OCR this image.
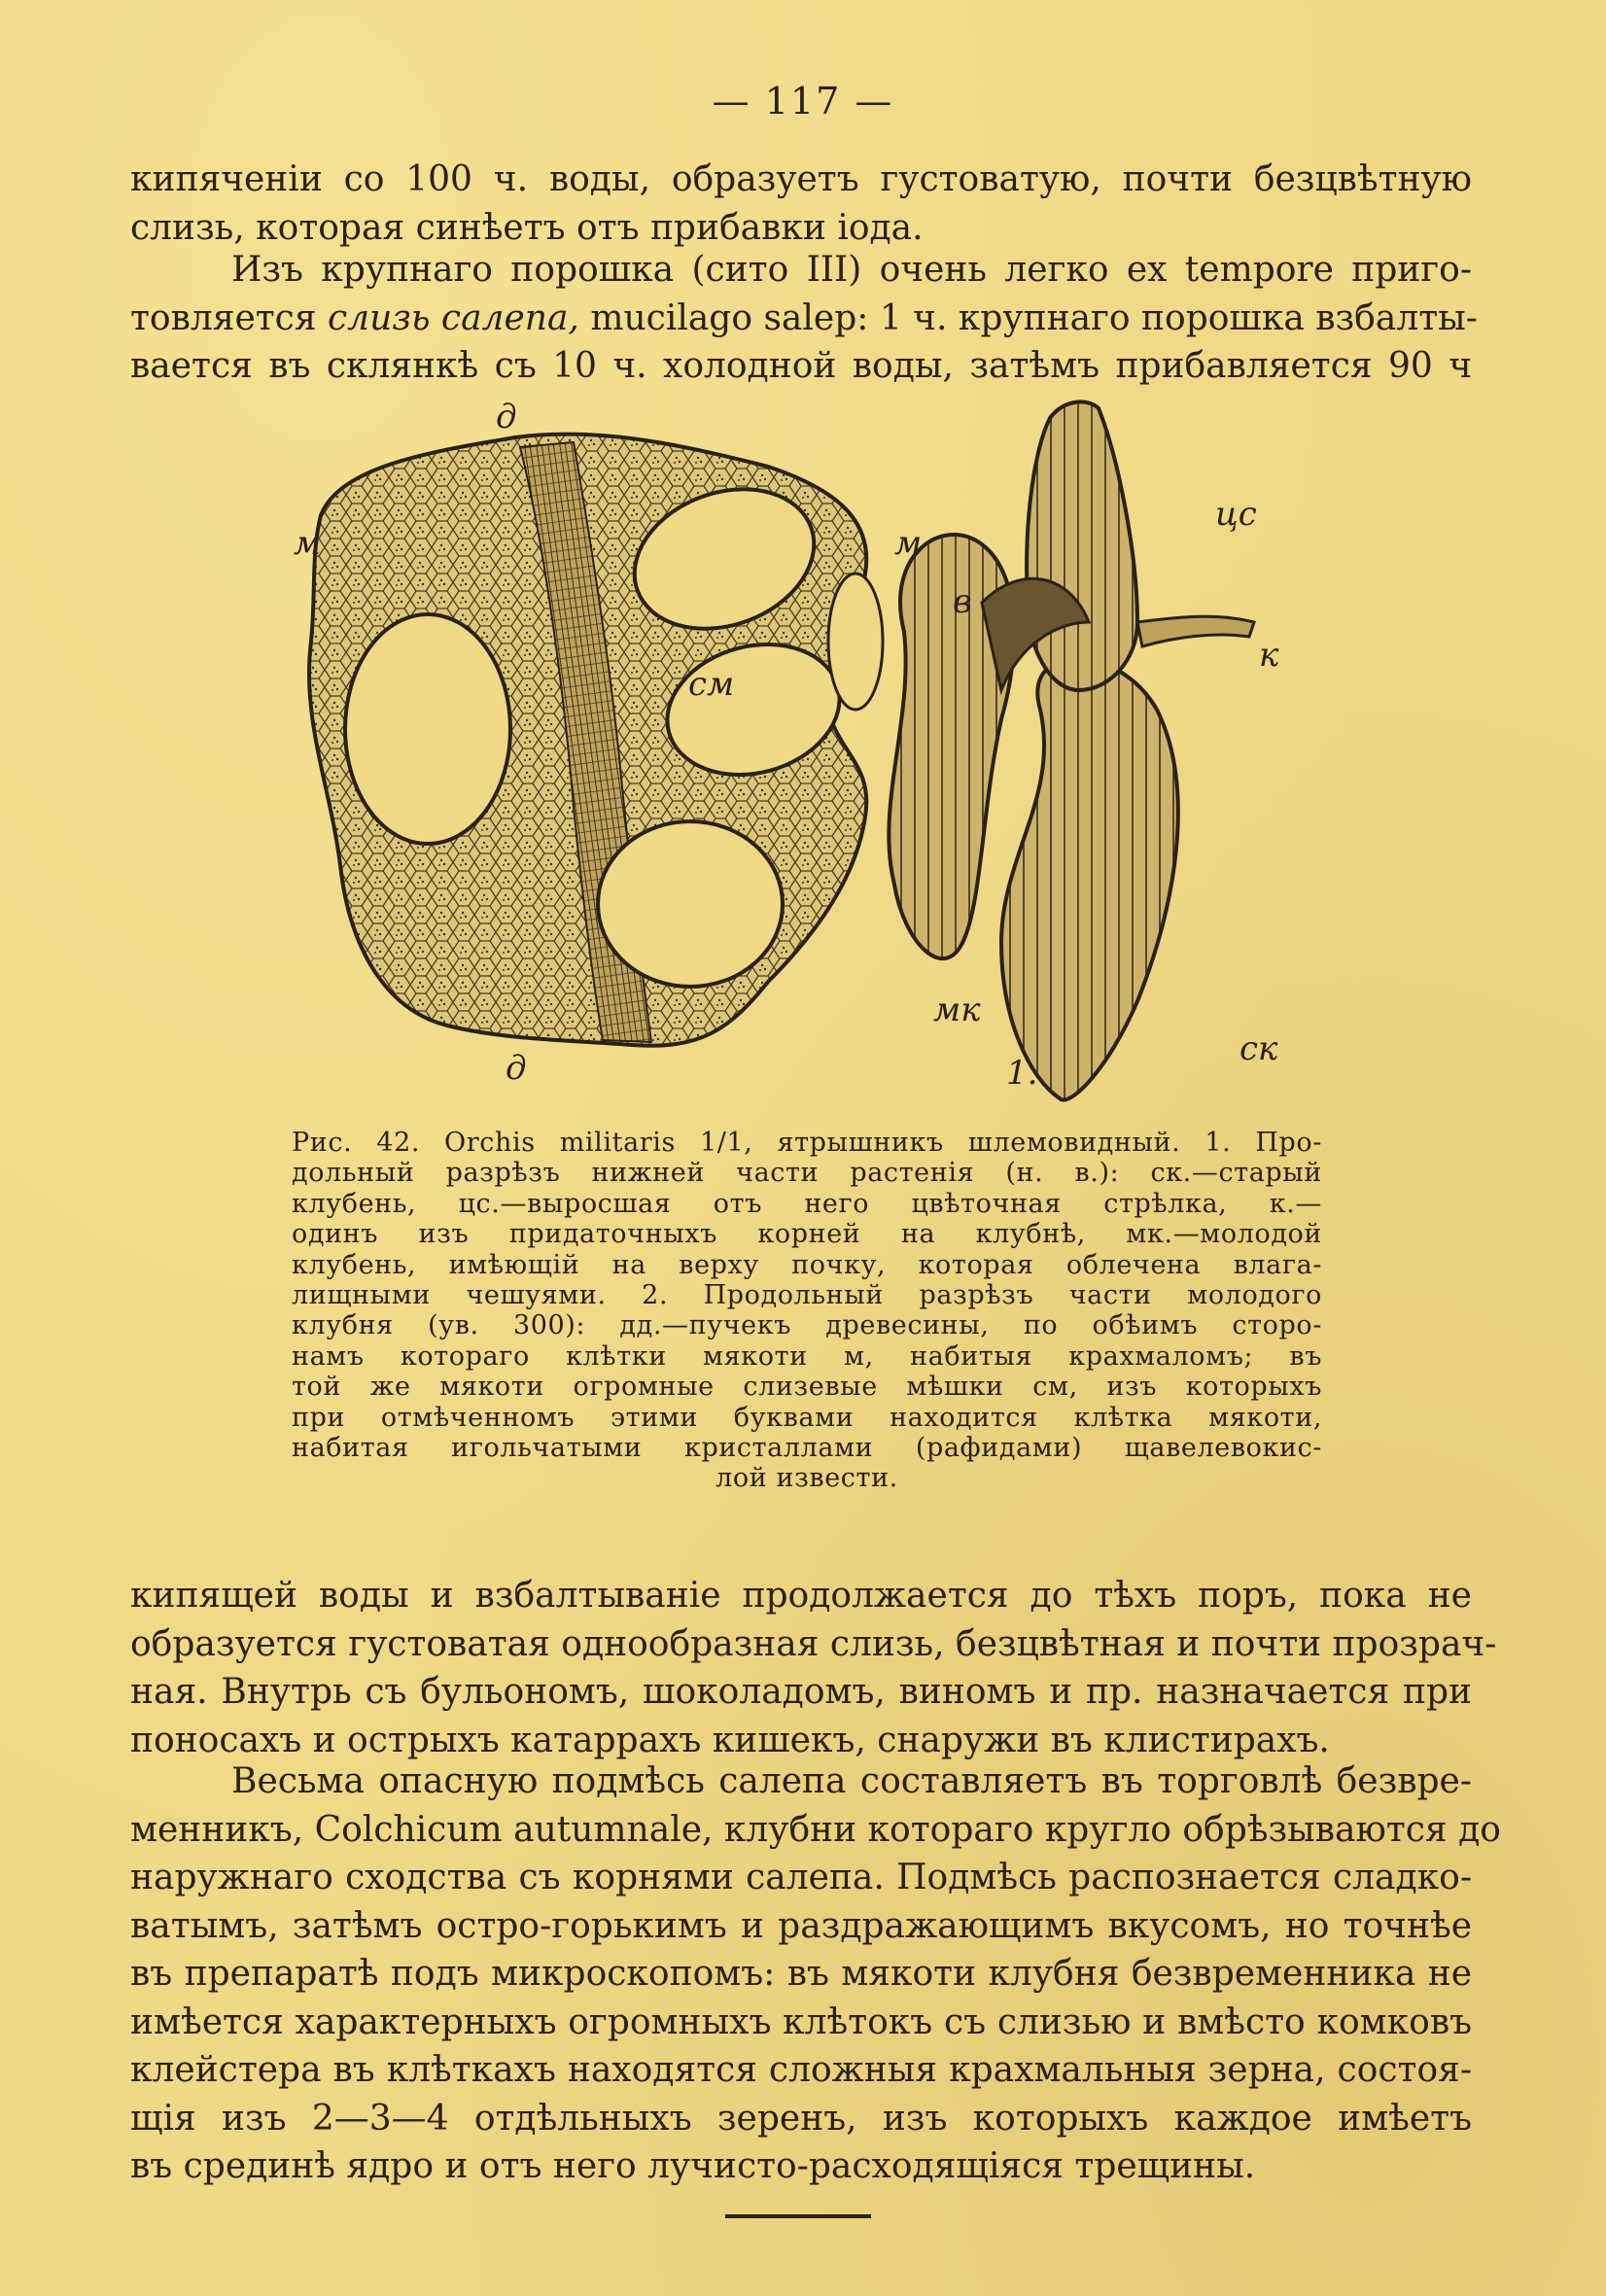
— 117 —

кипяченіи со 100 ч. воды, образуетъ густоватую, почти безцвѣтную
слизь, которая синѣетъ отъ прибавки іода.

Изъ крупнаго порошка (сито III) очень легко ex tempore приго-
товляется слизь салепа, mucilago salep: 1 ч. крупнаго порошка взбалты-
вается въ склянкѣ съ 10 ч. холодной воды, затѣмъ прибавляется 90 ч

д
д
м	м
см
в
цс
к
мк
ск
1.
Рис. 42. Orchis militaris 1/1, ятрышникъ шлемовидный. 1. Про-
дольный разрѣзъ нижней части растенія (н. в.): ск.—старый
клубень, цс.—выросшая отъ него цвѣточная стрѣлка, к.—
одинъ изъ придаточныхъ корней на клубнѣ, мк.—молодой
клубень, имѣющій на верху почку, которая облечена влага-
лищными чешуями. 2. Продольный разрѣзъ части молодого
клубня (ув. 300): дд.—пучекъ древесины, по обѣимъ сторо-
намъ котораго клѣтки мякоти м, набитыя крахмаломъ; въ
той же мякоти огромные слизевые мѣшки см, изъ которыхъ
при отмѣченномъ этими буквами находится клѣтка мякоти,
набитая игольчатыми кристаллами (рафидами) щавелевокис-
лой извести.

кипящей воды и взбалтываніе продолжается до тѣхъ поръ, пока не
образуется густоватая однообразная слизь, безцвѣтная и почти прозрач-
ная. Внутрь съ бульономъ, шоколадомъ, виномъ и пр. назначается при
поносахъ и острыхъ катаррахъ кишекъ, снаружи въ клистирахъ.

Весьма опасную подмѣсь салепа составляетъ въ торговлѣ безвре-
менникъ, Colchicum autumnale, клубни котораго кругло обрѣзываются до
наружнаго сходства съ корнями салепа. Подмѣсь распознается сладко-
ватымъ, затѣмъ остро-горькимъ и раздражающимъ вкусомъ, но точнѣе
въ препаратѣ подъ микроскопомъ: въ мякоти клубня безвременника не
имѣется характерныхъ огромныхъ клѣтокъ съ слизью и вмѣсто комковъ
клейстера въ клѣткахъ находятся сложныя крахмальныя зерна, состоя-
щія изъ 2—3—4 отдѣльныхъ зеренъ, изъ которыхъ каждое имѣетъ
въ срединѣ ядро и отъ него лучисто-расходящіяся трещины.
